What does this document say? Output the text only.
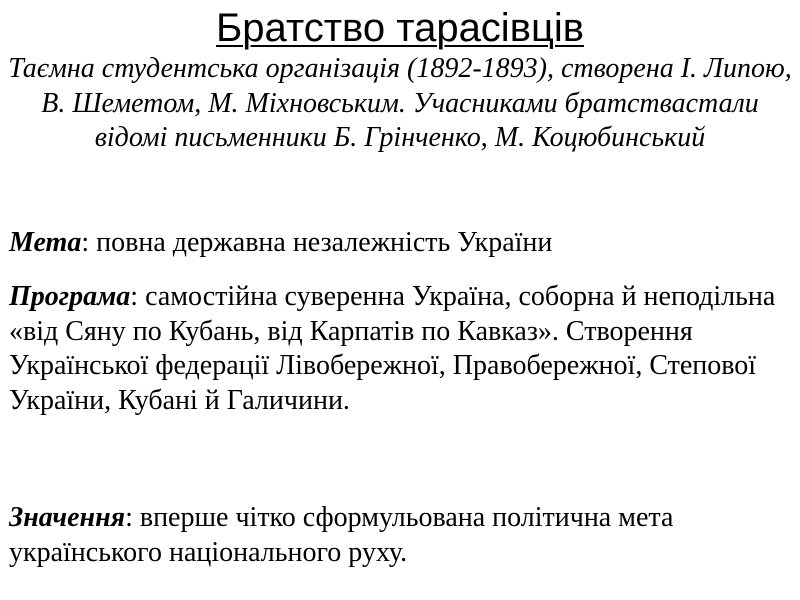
Братство тарасівців
Таємна студентська організація (1892-1893), створена І. Липою, В. Шеметом, М. Міхновським. Учасниками братствастали відомі письменники Б. Грінченко, М. Коцюбинський
Мета: повна державна незалежність України
Програма: самостійна суверенна Україна, соборна й неподільна «від Сяну по Кубань, від Карпатів по Кавказ». Створення Української федерації Лівобережної, Правобережної, Степової України, Кубані й Галичини.
Значення: вперше чітко сформульована політична мета українського національного руху.
